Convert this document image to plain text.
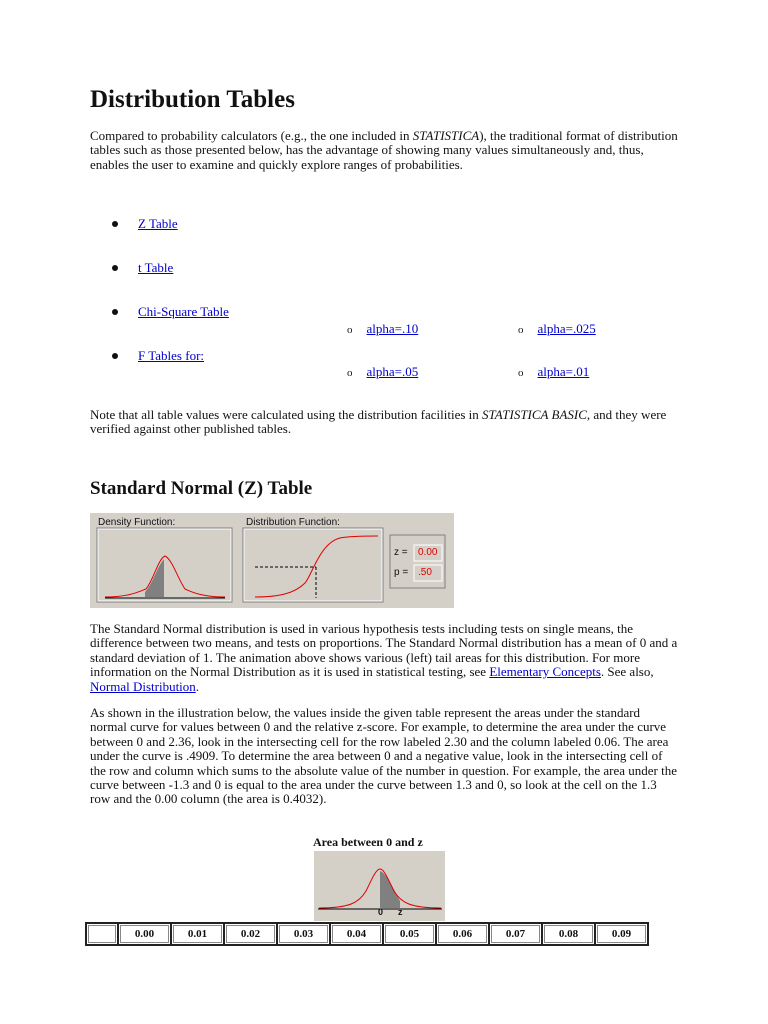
Distribution Tables

Compared to probability calculators (e.g., the one included in STATISTICA), the traditional format of distribution tables such as those presented below, has the advantage of showing many values simultaneously and, thus, enables the user to examine and quickly explore ranges of probabilities.

Z Table
t Table
Chi-Square Table
o alpha=.10	o alpha=.025
F Tables for:
o alpha=.05	o alpha=.01

Note that all table values were calculated using the distribution facilities in STATISTICA BASIC, and they were verified against other published tables.

Standard Normal (Z) Table
Density Function:	Distribution Function:
z = 0.00
p = .50

The Standard Normal distribution is used in various hypothesis tests including tests on single means, the difference between two means, and tests on proportions. The Standard Normal distribution has a mean of 0 and a standard deviation of 1. The animation above shows various (left) tail areas for this distribution. For more information on the Normal Distribution as it is used in statistical testing, see Elementary Concepts. See also, Normal Distribution.

As shown in the illustration below, the values inside the given table represent the areas under the standard normal curve for values between 0 and the relative z-score. For example, to determine the area under the curve between 0 and 2.36, look in the intersecting cell for the row labeled 2.30 and the column labeled 0.06. The area under the curve is .4909. To determine the area between 0 and a negative value, look in the intersecting cell of the row and column which sums to the absolute value of the number in question. For example, the area under the curve between -1.3 and 0 is equal to the area under the curve between 1.3 and 0, so look at the cell on the 1.3 row and the 0.00 column (the area is 0.4032).

Area between 0 and z
0 z
	0.00	0.01	0.02	0.03	0.04	0.05	0.06	0.07	0.08	0.09
